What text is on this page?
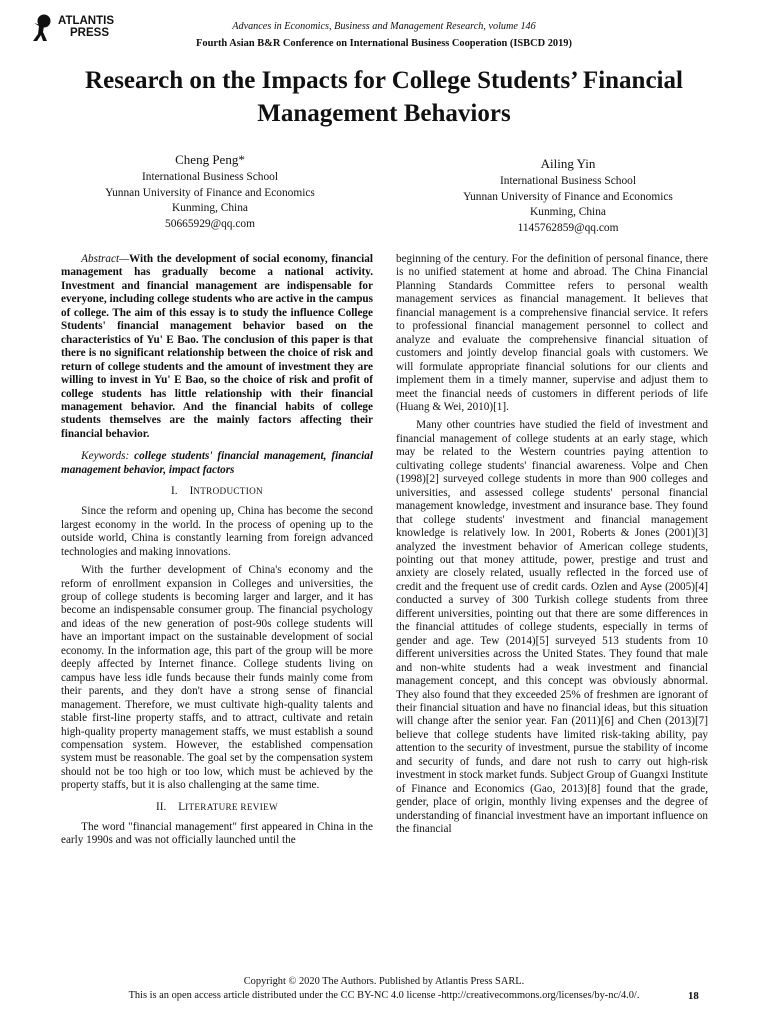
ATLANTIS
PRESS
Advances in Economics, Business and Management Research, volume 146
Fourth Asian B&R Conference on International Business Cooperation (ISBCD 2019)
Research on the Impacts for College Students’ Financial Management Behaviors
Cheng Peng*
International Business School
Yunnan University of Finance and Economics
Kunming, China
50665929@qq.com
Ailing Yin
International Business School
Yunnan University of Finance and Economics
Kunming, China
1145762859@qq.com

Abstract—With the development of social economy, financial management has gradually become a national activity. Investment and financial management are indispensable for everyone, including college students who are active in the campus of college. The aim of this essay is to study the influence College Students' financial management behavior based on the characteristics of Yu' E Bao. The conclusion of this paper is that there is no significant relationship between the choice of risk and return of college students and the amount of investment they are willing to invest in Yu' E Bao, so the choice of risk and profit of college students has little relationship with their financial management behavior. And the financial habits of college students themselves are the mainly factors affecting their financial behavior.

Keywords: college students' financial management, financial management behavior, impact factors

I. INTRODUCTION

Since the reform and opening up, China has become the second largest economy in the world. In the process of opening up to the outside world, China is constantly learning from foreign advanced technologies and making innovations.

With the further development of China's economy and the reform of enrollment expansion in Colleges and universities, the group of college students is becoming larger and larger, and it has become an indispensable consumer group. The financial psychology and ideas of the new generation of post-90s college students will have an important impact on the sustainable development of social economy. In the information age, this part of the group will be more deeply affected by Internet finance. College students living on campus have less idle funds because their funds mainly come from their parents, and they don't have a strong sense of financial management. Therefore, we must cultivate high-quality talents and stable first-line property staffs, and to attract, cultivate and retain high-quality property management staffs, we must establish a sound compensation system. However, the established compensation system must be reasonable. The goal set by the compensation system should not be too high or too low, which must be achieved by the property staffs, but it is also challenging at the same time.

II. LITERATURE REVIEW

The word "financial management" first appeared in China in the early 1990s and was not officially launched until the

beginning of the century. For the definition of personal finance, there is no unified statement at home and abroad. The China Financial Planning Standards Committee refers to personal wealth management services as financial management. It believes that financial management is a comprehensive financial service. It refers to professional financial management personnel to collect and analyze and evaluate the comprehensive financial situation of customers and jointly develop financial goals with customers. We will formulate appropriate financial solutions for our clients and implement them in a timely manner, supervise and adjust them to meet the financial needs of customers in different periods of life (Huang & Wei, 2010)[1].

Many other countries have studied the field of investment and financial management of college students at an early stage, which may be related to the Western countries paying attention to cultivating college students' financial awareness. Volpe and Chen (1998)[2] surveyed college students in more than 900 colleges and universities, and assessed college students' personal financial management knowledge, investment and insurance base. They found that college students' investment and financial management knowledge is relatively low. In 2001, Roberts & Jones (2001)[3] analyzed the investment behavior of American college students, pointing out that money attitude, power, prestige and trust and anxiety are closely related, usually reflected in the forced use of credit and the frequent use of credit cards. Ozlen and Ayse (2005)[4] conducted a survey of 300 Turkish college students from three different universities, pointing out that there are some differences in the financial attitudes of college students, especially in terms of gender and age. Tew (2014)[5] surveyed 513 students from 10 different universities across the United States. They found that male and non-white students had a weak investment and financial management concept, and this concept was obviously abnormal. They also found that they exceeded 25% of freshmen are ignorant of their financial situation and have no financial ideas, but this situation will change after the senior year. Fan (2011)[6] and Chen (2013)[7] believe that college students have limited risk-taking ability, pay attention to the security of investment, pursue the stability of income and security of funds, and dare not rush to carry out high-risk investment in stock market funds. Subject Group of Guangxi Institute of Finance and Economics (Gao, 2013)[8] found that the grade, gender, place of origin, monthly living expenses and the degree of understanding of financial investment have an important influence on the financial

Copyright © 2020 The Authors. Published by Atlantis Press SARL.
This is an open access article distributed under the CC BY-NC 4.0 license -http://creativecommons.org/licenses/by-nc/4.0/.	18
